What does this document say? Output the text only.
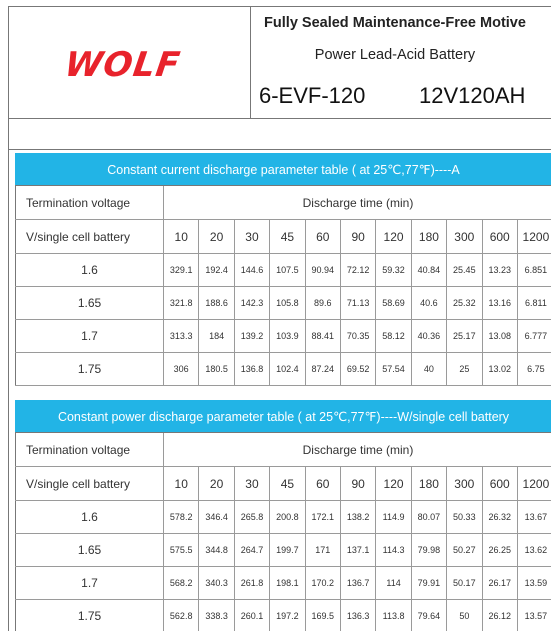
WOLF
Fully Sealed Maintenance-Free Motive
Power Lead-Acid Battery
6-EVF-120 12V120AH
Constant current discharge parameter table ( at 25℃,77℉)----A
Termination voltage	Discharge time (min)
V/single cell battery	10	20	30	45	60	90	120	180	300	600	1200
1.6	329.1	192.4	144.6	107.5	90.94	72.12	59.32	40.84	25.45	13.23	6.851
1.65	321.8	188.6	142.3	105.8	89.6	71.13	58.69	40.6	25.32	13.16	6.811
1.7	313.3	184	139.2	103.9	88.41	70.35	58.12	40.36	25.17	13.08	6.777
1.75	306	180.5	136.8	102.4	87.24	69.52	57.54	40	25	13.02	6.75
Constant power discharge parameter table ( at 25℃,77℉)----W/single cell battery
Termination voltage	Discharge time (min)
V/single cell battery	10	20	30	45	60	90	120	180	300	600	1200
1.6	578.2	346.4	265.8	200.8	172.1	138.2	114.9	80.07	50.33	26.32	13.67
1.65	575.5	344.8	264.7	199.7	171	137.1	114.3	79.98	50.27	26.25	13.62
1.7	568.2	340.3	261.8	198.1	170.2	136.7	114	79.91	50.17	26.17	13.59
1.75	562.8	338.3	260.1	197.2	169.5	136.3	113.8	79.64	50	26.12	13.57
